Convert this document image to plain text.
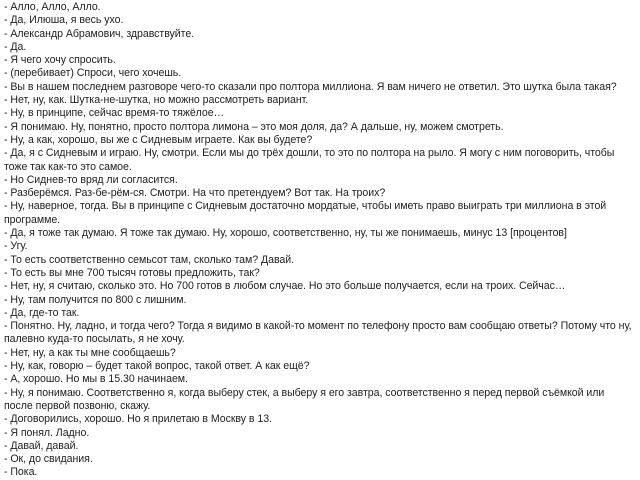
- Алло, Алло, Алло.

- Да, Илюша, я весь ухо.

- Александр Абрамович, здравствуйте.

- Да.

- Я чего хочу спросить.

- (перебивает) Спроси, чего хочешь.

- Вы в нашем последнем разговоре чего-то сказали про полтора миллиона. Я вам ничего не ответил. Это шутка была такая?

- Нет, ну, как. Шутка-не-шутка, но можно рассмотреть вариант.

- Ну, в принципе, сейчас время-то тяжёлое…

- Я понимаю. Ну, понятно, просто полтора лимона – это моя доля, да? А дальше, ну, можем смотреть.

- Ну, а как, хорошо, вы же с Сидневым играете. Как вы будете?

- Да, я с Сидневым и играю. Ну, смотри. Если мы до трёх дошли, то это по полтора на рыло. Я могу с ним поговорить, чтобы тоже так как-то это самое.

- Но Сиднев-то вряд ли согласится.

- Разберёмся. Раз-бе-рём-ся. Смотри. На что претендуем? Вот так. На троих?

- Ну, наверное, тогда. Вы в принципе с Сидневым достаточно мордатые, чтобы иметь право выиграть три миллиона в этой программе.

- Да, я тоже так думаю. Я тоже так думаю. Ну, хорошо, соответственно, ну, ты же понимаешь, минус 13 [процентов]

- Угу.

- То есть соответственно семьсот там, сколько там? Давай.

- То есть вы мне 700 тысяч готовы предложить, так?

- Нет, ну, я считаю, сколько это. Но 700 готов в любом случае. Но это больше получается, если на троих. Сейчас…

- Ну, там получится по 800 с лишним.

- Да, где-то так.

- Понятно. Ну, ладно, и тогда чего? Тогда я видимо в какой-то момент по телефону просто вам сообщаю ответы? Потому что ну, палевно куда-то посылать, я не хочу.

- Нет, ну, а как ты мне сообщаешь?

- Ну, как, говорю – будет такой вопрос, такой ответ. А как ещё?

- А, хорошо. Но мы в 15.30 начинаем.

- Ну, я понимаю. Соответственно я, когда выберу стек, а выберу я его завтра, соответственно я перед первой съёмкой или после первой позвоню, скажу.

- Договорились, хорошо. Но я прилетаю в Москву в 13.

- Я понял. Ладно.

- Давай, давай.

- Ок, до свидания.

- Пока.
